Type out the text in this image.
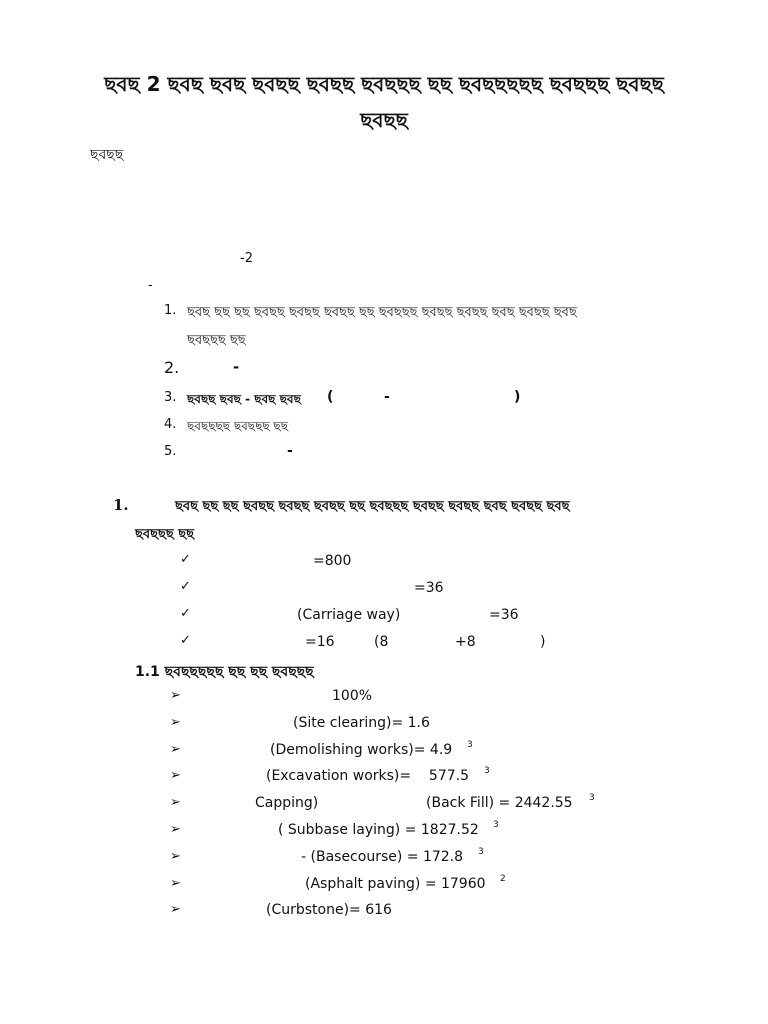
ছবছ 2 ছবছ ছবছ ছবছছ ছবছছ ছবছছছ ছছ ছবছছছছছ ছবছছছ ছবছছ
ছবছছ
ছবছছ
-2
-
1. ছবছ ছছ ছছ ছবছছ ছবছছ ছবছছ ছছ ছবছছছ ছবছছ ছবছছ ছবছ ছবছছ ছবছ
ছবছছছ ছছ
2.	-
3. ছবছছ ছবছ - ছবছ ছবছ (	-	)
4. ছবছছছছ ছবছছছ ছছ
5.	-
1.	ছবছ ছছ ছছ ছবছছ ছবছছ ছবছছ ছছ ছবছছছ ছবছছ ছবছছ ছবছ ছবছছ ছবছ
ছবছছছ ছছ
✓	=800
✓	=36
✓	(Carriage way)	=36
✓	=16	(8	+8	)
1.1 ছবছছছছছ ছছ ছছ ছবছছছ
➢	100%
➢	(Site clearing)= 1.6
➢	(Demolishing works)= 4.9 3
➢	(Excavation works)=    577.5 3
➢	Capping)	(Back Fill) = 2442.55 3
➢	( Subbase laying) = 1827.52 3
➢	- (Basecourse) = 172.8 3
➢	(Asphalt paving) = 17960 2
➢	(Curbstone)= 616
